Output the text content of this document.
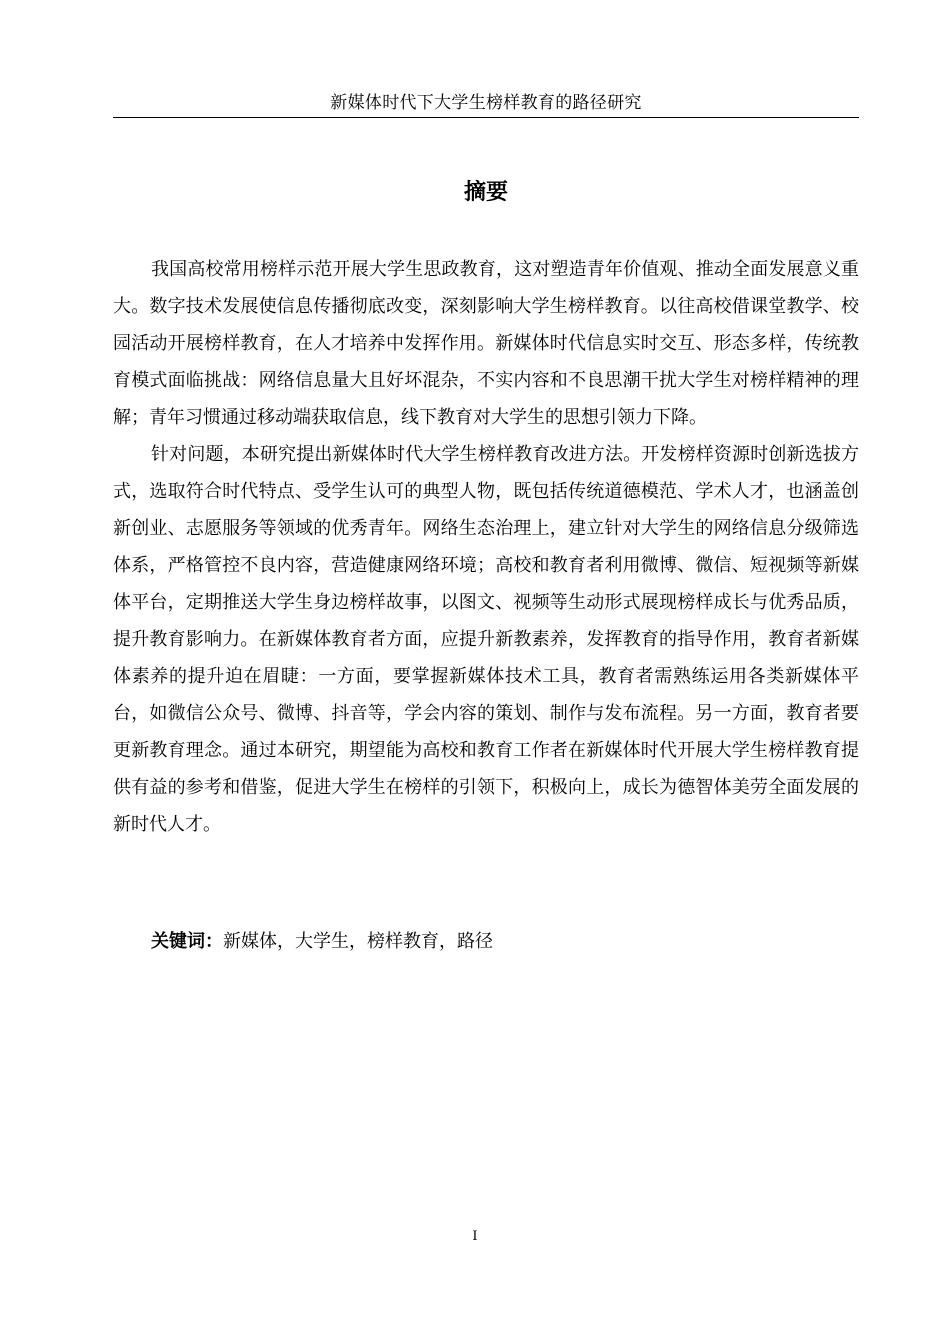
新媒体时代下大学生榜样教育的路径研究
摘要

我国高校常用榜样示范开展大学生思政教育，这对塑造青年价值观、推动全面发展意义重大。数字技术发展使信息传播彻底改变，深刻影响大学生榜样教育。以往高校借课堂教学、校园活动开展榜样教育，在人才培养中发挥作用。新媒体时代信息实时交互、形态多样，传统教育模式面临挑战：网络信息量大且好坏混杂，不实内容和不良思潮干扰大学生对榜样精神的理解；青年习惯通过移动端获取信息，线下教育对大学生的思想引领力下降。

针对问题，本研究提出新媒体时代大学生榜样教育改进方法。开发榜样资源时创新选拔方式，选取符合时代特点、受学生认可的典型人物，既包括传统道德模范、学术人才，也涵盖创新创业、志愿服务等领域的优秀青年。网络生态治理上，建立针对大学生的网络信息分级筛选体系，严格管控不良内容，营造健康网络环境；高校和教育者利用微博、微信、短视频等新媒体平台，定期推送大学生身边榜样故事，以图文、视频等生动形式展现榜样成长与优秀品质，提升教育影响力。在新媒体教育者方面，应提升新教素养，发挥教育的指导作用，教育者新媒体素养的提升迫在眉睫：一方面，要掌握新媒体技术工具，教育者需熟练运用各类新媒体平台，如微信公众号、微博、抖音等，学会内容的策划、制作与发布流程。另一方面，教育者要更新教育理念。通过本研究，期望能为高校和教育工作者在新媒体时代开展大学生榜样教育提供有益的参考和借鉴，促进大学生在榜样的引领下，积极向上，成长为德智体美劳全面发展的新时代人才。

关键词：新媒体，大学生，榜样教育，路径
I
